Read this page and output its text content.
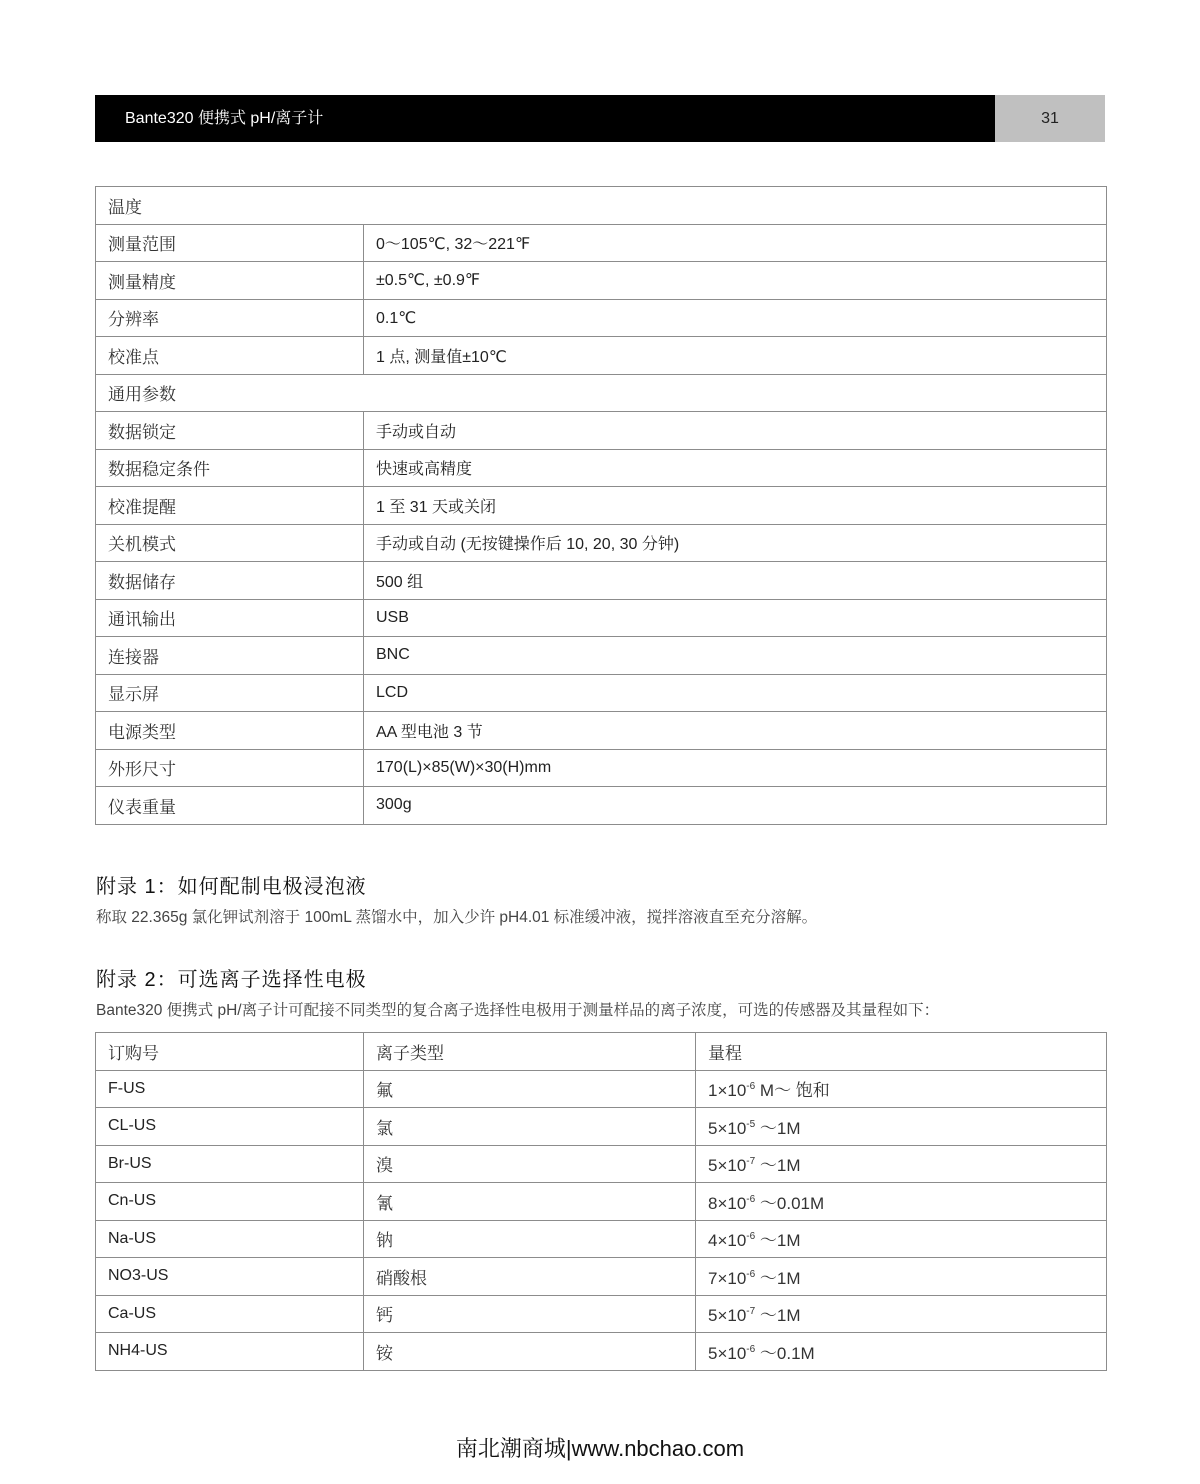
Bante320 便携式 pH/离子计	31
温度	
测量范围	0～105℃, 32～221℉
测量精度	±0.5℃, ±0.9℉
分辨率	0.1℃
校准点	1 点, 测量值±10℃
通用参数	
数据锁定	手动或自动
数据稳定条件	快速或高精度
校准提醒	1 至 31 天或关闭
关机模式	手动或自动 (无按键操作后 10, 20, 30 分钟)
数据储存	500 组
通讯输出	USB
连接器	BNC
显示屏	LCD
电源类型	AA 型电池 3 节
外形尺寸	170(L)×85(W)×30(H)mm
仪表重量	300g
附录 1：如何配制电极浸泡液
称取 22.365g 氯化钾试剂溶于 100mL 蒸馏水中，加入少许 pH4.01 标准缓冲液，搅拌溶液直至充分溶解。
附录 2：可选离子选择性电极
Bante320 便携式 pH/离子计可配接不同类型的复合离子选择性电极用于测量样品的离子浓度，可选的传感器及其量程如下：
订购号	离子类型	量程
F-US	氟	$1\times 10^{-6}$ M～ 饱和
CL-US	氯	$5\times 10^{-5}$ ～1M
Br-US	溴	$5\times 10^{-7}$ ～1M
Cn-US	氰	$8\times 10^{-6}$ ～0.01M
Na-US	钠	$4\times 10^{-6}$ ～1M
NO3-US	硝酸根	$7\times 10^{-6}$ ～1M
Ca-US	钙	$5\times 10^{-7}$ ～1M
NH4-US	铵	$5\times 10^{-6}$ ～0.1M
南北潮商城|www.nbchao.com
